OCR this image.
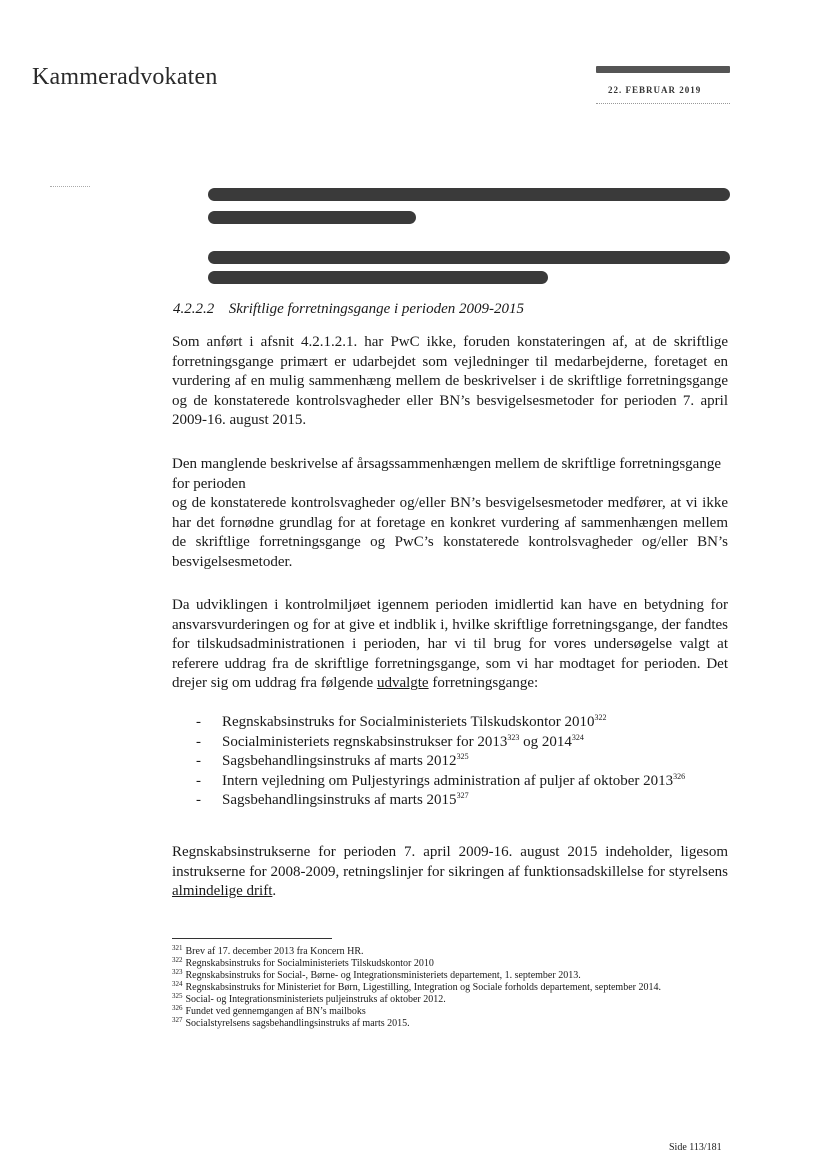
Kammeradvokaten	22. FEBRUAR 2019
4.2.2.2 Skriftlige forretningsgange i perioden 2009-2015

Som anført i afsnit 4.2.1.2.1. har PwC ikke, foruden konstateringen af, at de skriftlige forretningsgange primært er udarbejdet som vejledninger til medarbejderne, foretaget en vurdering af en mulig sammenhæng mellem de beskrivelser i de skriftlige forretningsgange og de konstaterede kontrolsvagheder eller BN’s besvigelsesmetoder for perioden 7. april 2009-16. august 2015.

Den manglende beskrivelse af årsagssammenhængen mellem de skriftlige forretningsgange for perioden
og de konstaterede kontrolsvagheder og/eller BN’s besvigelsesmetoder medfører, at vi ikke har det fornødne grundlag for at foretage en konkret vurdering af sammenhængen mellem de skriftlige forretningsgange og PwC’s konstaterede kontrolsvagheder og/eller BN’s besvigelsesmetoder.

Da udviklingen i kontrolmiljøet igennem perioden imidlertid kan have en betydning for ansvarsvurderingen og for at give et indblik i, hvilke skriftlige forretningsgange, der fandtes for tilskudsadministrationen i perioden, har vi til brug for vores undersøgelse valgt at referere uddrag fra de skriftlige forretningsgange, som vi har modtaget for perioden. Det drejer sig om uddrag fra følgende udvalgte forretningsgange:

- Regnskabsinstruks for Socialministeriets Tilskudskontor 2010$^{322}$
- Socialministeriets regnskabsinstrukser for 2013$^{323}$ og 2014$^{324}$
- Sagsbehandlingsinstruks af marts 2012$^{325}$
- Intern vejledning om Puljestyrings administration af puljer af oktober 2013$^{326}$
- Sagsbehandlingsinstruks af marts 2015$^{327}$

Regnskabsinstrukserne for perioden 7. april 2009-16. august 2015 indeholder, ligesom instrukserne for 2008-2009, retningslinjer for sikringen af funktionsadskillelse for styrelsens almindelige drift.

$^{321}$ Brev af 17. december 2013 fra Koncern HR.
$^{322}$ Regnskabsinstruks for Socialministeriets Tilskudskontor 2010
$^{323}$ Regnskabsinstruks for Social-, Børne- og Integrationsministeriets departement, 1. september 2013.
$^{324}$ Regnskabsinstruks for Ministeriet for Børn, Ligestilling, Integration og Sociale forholds departement, september 2014.
$^{325}$ Social- og Integrationsministeriets puljeinstruks af oktober 2012.
$^{326}$ Fundet ved gennemgangen af BN’s mailboks
$^{327}$ Socialstyrelsens sagsbehandlingsinstruks af marts 2015.
Side 113/181
